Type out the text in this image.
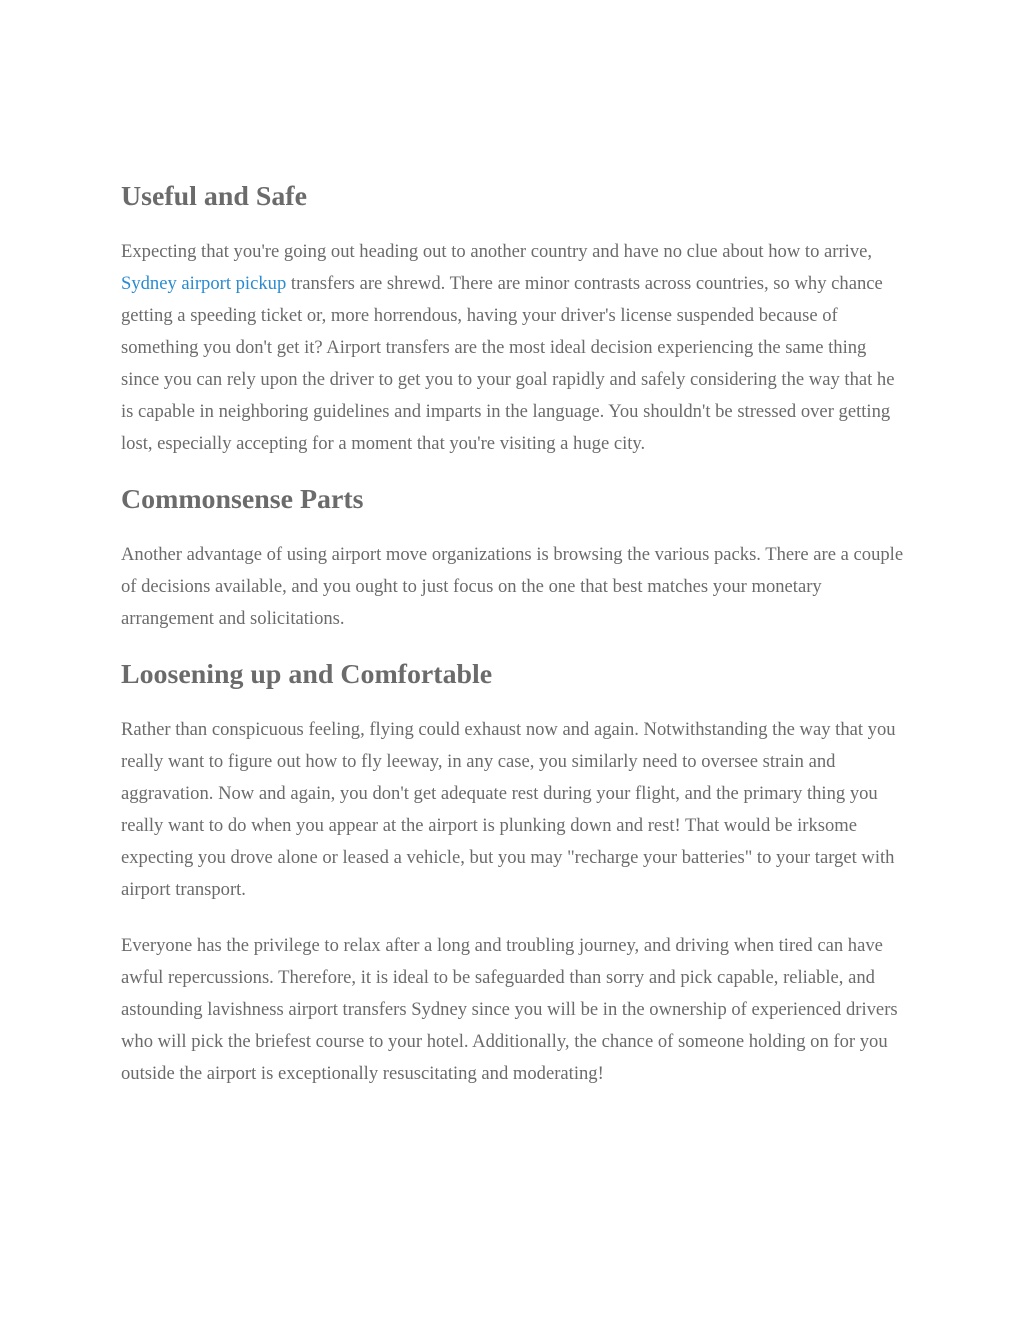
Useful and Safe

Expecting that you're going out heading out to another country and have no clue about how to arrive, Sydney airport pickup transfers are shrewd. There are minor contrasts across countries, so why chance getting a speeding ticket or, more horrendous, having your driver's license suspended because of something you don't get it? Airport transfers are the most ideal decision experiencing the same thing since you can rely upon the driver to get you to your goal rapidly and safely considering the way that he is capable in neighboring guidelines and imparts in the language. You shouldn't be stressed over getting lost, especially accepting for a moment that you're visiting a huge city.

Commonsense Parts

Another advantage of using airport move organizations is browsing the various packs. There are a couple of decisions available, and you ought to just focus on the one that best matches your monetary arrangement and solicitations.

Loosening up and Comfortable

Rather than conspicuous feeling, flying could exhaust now and again. Notwithstanding the way that you really want to figure out how to fly leeway, in any case, you similarly need to oversee strain and aggravation. Now and again, you don't get adequate rest during your flight, and the primary thing you really want to do when you appear at the airport is plunking down and rest! That would be irksome expecting you drove alone or leased a vehicle, but you may "recharge your batteries" to your target with airport transport.

Everyone has the privilege to relax after a long and troubling journey, and driving when tired can have awful repercussions. Therefore, it is ideal to be safeguarded than sorry and pick capable, reliable, and astounding lavishness airport transfers Sydney since you will be in the ownership of experienced drivers who will pick the briefest course to your hotel. Additionally, the chance of someone holding on for you outside the airport is exceptionally resuscitating and moderating!
